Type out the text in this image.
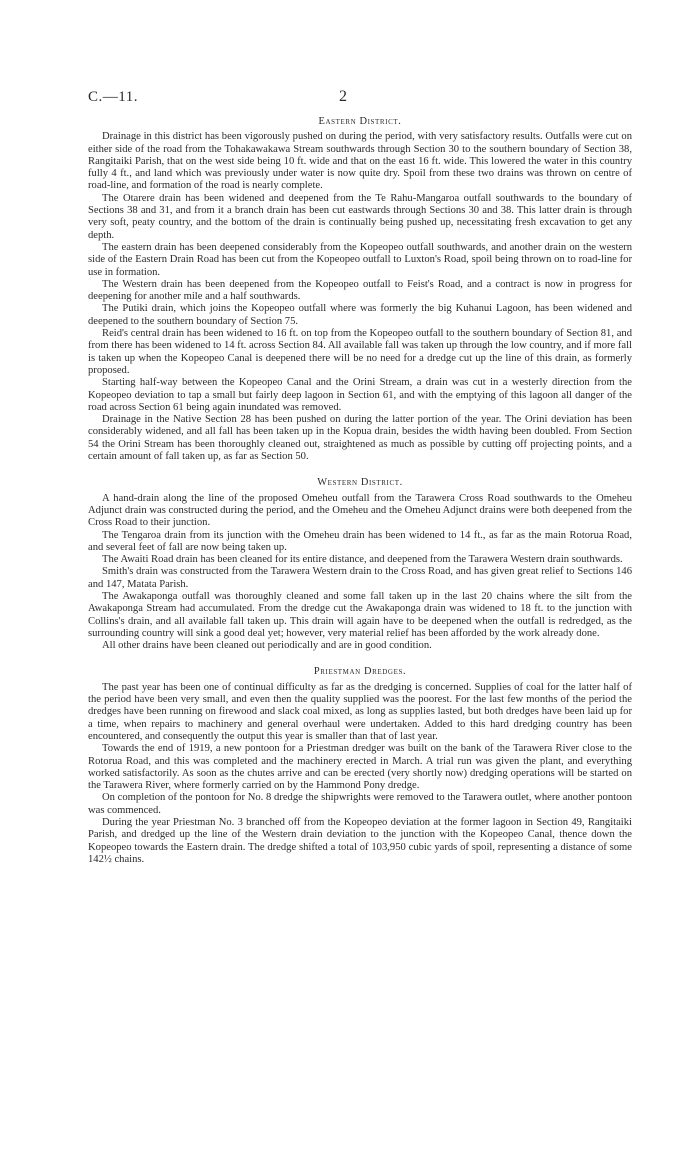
C.—11.	2
Eastern District.

Drainage in this district has been vigorously pushed on during the period, with very satisfactory results. Outfalls were cut on either side of the road from the Tohakawakawa Stream southwards through Section 30 to the southern boundary of Section 38, Rangitaiki Parish, that on the west side being 10 ft. wide and that on the east 16 ft. wide. This lowered the water in this country fully 4 ft., and land which was previously under water is now quite dry. Spoil from these two drains was thrown on centre of road-line, and formation of the road is nearly complete.

The Otarere drain has been widened and deepened from the Te Rahu-Mangaroa outfall southwards to the boundary of Sections 38 and 31, and from it a branch drain has been cut eastwards through Sections 30 and 38. This latter drain is through very soft, peaty country, and the bottom of the drain is continually being pushed up, necessitating fresh excavation to get any depth.

The eastern drain has been deepened considerably from the Kopeopeo outfall southwards, and another drain on the western side of the Eastern Drain Road has been cut from the Kopeopeo outfall to Luxton's Road, spoil being thrown on to road-line for use in formation.

The Western drain has been deepened from the Kopeopeo outfall to Feist's Road, and a contract is now in progress for deepening for another mile and a half southwards.

The Putiki drain, which joins the Kopeopeo outfall where was formerly the big Kuhanui Lagoon, has been widened and deepened to the southern boundary of Section 75.

Reid's central drain has been widened to 16 ft. on top from the Kopeopeo outfall to the southern boundary of Section 81, and from there has been widened to 14 ft. across Section 84. All available fall was taken up through the low country, and if more fall is taken up when the Kopeopeo Canal is deepened there will be no need for a dredge cut up the line of this drain, as formerly proposed.

Starting half-way between the Kopeopeo Canal and the Orini Stream, a drain was cut in a westerly direction from the Kopeopeo deviation to tap a small but fairly deep lagoon in Section 61, and with the emptying of this lagoon all danger of the road across Section 61 being again inundated was removed.

Drainage in the Native Section 28 has been pushed on during the latter portion of the year. The Orini deviation has been considerably widened, and all fall has been taken up in the Kopua drain, besides the width having been doubled. From Section 54 the Orini Stream has been thoroughly cleaned out, straightened as much as possible by cutting off projecting points, and a certain amount of fall taken up, as far as Section 50.

Western District.

A hand-drain along the line of the proposed Omeheu outfall from the Tarawera Cross Road southwards to the Omeheu Adjunct drain was constructed during the period, and the Omeheu and the Omeheu Adjunct drains were both deepened from the Cross Road to their junction.

The Tengaroa drain from its junction with the Omeheu drain has been widened to 14 ft., as far as the main Rotorua Road, and several feet of fall are now being taken up.

The Awaiti Road drain has been cleaned for its entire distance, and deepened from the Tarawera Western drain southwards.

Smith's drain was constructed from the Tarawera Western drain to the Cross Road, and has given great relief to Sections 146 and 147, Matata Parish.

The Awakaponga outfall was thoroughly cleaned and some fall taken up in the last 20 chains where the silt from the Awakaponga Stream had accumulated. From the dredge cut the Awakaponga drain was widened to 18 ft. to the junction with Collins's drain, and all available fall taken up. This drain will again have to be deepened when the outfall is redredged, as the surrounding country will sink a good deal yet; however, very material relief has been afforded by the work already done.

All other drains have been cleaned out periodically and are in good condition.

Priestman Dredges.

The past year has been one of continual difficulty as far as the dredging is concerned. Supplies of coal for the latter half of the period have been very small, and even then the quality supplied was the poorest. For the last few months of the period the dredges have been running on firewood and slack coal mixed, as long as supplies lasted, but both dredges have been laid up for a time, when repairs to machinery and general overhaul were undertaken. Added to this hard dredging country has been encountered, and consequently the output this year is smaller than that of last year.

Towards the end of 1919, a new pontoon for a Priestman dredger was built on the bank of the Tarawera River close to the Rotorua Road, and this was completed and the machinery erected in March. A trial run was given the plant, and everything worked satisfactorily. As soon as the chutes arrive and can be erected (very shortly now) dredging operations will be started on the Tarawera River, where formerly carried on by the Hammond Pony dredge.

On completion of the pontoon for No. 8 dredge the shipwrights were removed to the Tarawera outlet, where another pontoon was commenced.

During the year Priestman No. 3 branched off from the Kopeopeo deviation at the former lagoon in Section 49, Rangitaiki Parish, and dredged up the line of the Western drain deviation to the junction with the Kopeopeo Canal, thence down the Kopeopeo towards the Eastern drain. The dredge shifted a total of 103,950 cubic yards of spoil, representing a distance of some 142½ chains.
